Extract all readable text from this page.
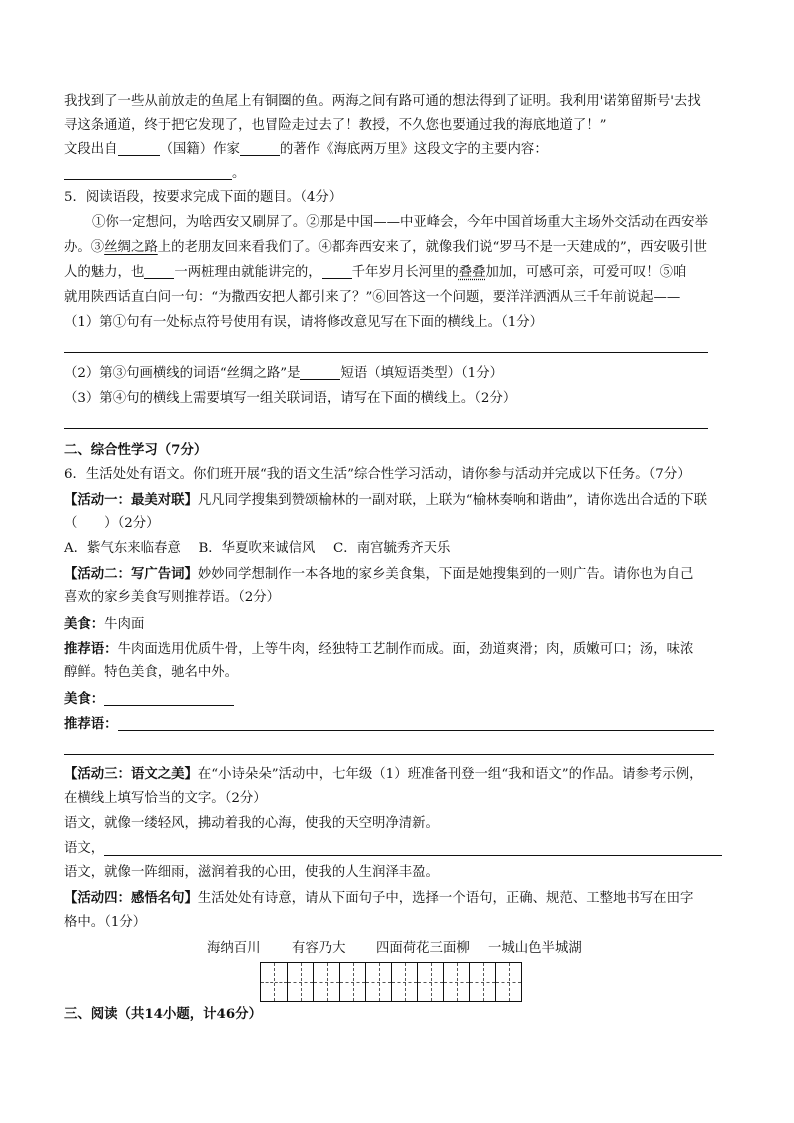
我找到了一些从前放走的鱼尾上有铜圈的鱼。两海之间有路可通的想法得到了证明。我利用'诺第留斯号'去找
寻这条通道，终于把它发现了，也冒险走过去了！教授，不久您也要通过我的海底地道了！”
文段出自	（国籍）作家	的著作《海底两万里》这段文字的主要内容：
。
5．阅读语段，按要求完成下面的题目。（4分）
①你一定想问，为啥西安又刷屏了。②那是中国——中亚峰会，今年中国首场重大主场外交活动在西安举
办。③丝绸之路上的老朋友回来看我们了。④都奔西安来了，就像我们说“罗马不是一天建成的”，西安吸引世
人的魅力，也 一两桩理由就能讲完的， 千年岁月长河里的叠叠加加，可感可亲，可爱可叹！⑤咱
就用陕西话直白问一句：“为撒西安把人都引来了？”⑥回答这一个问题，要洋洋洒洒从三千年前说起——
（1）第①句有一处标点符号使用有误，请将修改意见写在下面的横线上。（1分）
（2）第③句画横线的词语“丝绸之路”是	短语（填短语类型）（1分）
（3）第④句的横线上需要填写一组关联词语，请写在下面的横线上。（2分）
二、综合性学习（7分）
6．生活处处有语文。你们班开展“我的语文生活”综合性学习活动，请你参与活动并完成以下任务。（7分）
【活动一：最美对联】凡凡同学搜集到赞颂榆林的一副对联，上联为“榆林奏响和谐曲”，请你选出合适的下联
（　　）（2分）
A．紫气东来临春意　 B．华夏吹来诚信风　 C．南宫毓秀齐天乐
【活动二：写广告词】妙妙同学想制作一本各地的家乡美食集，下面是她搜集到的一则广告。请你也为自己
喜欢的家乡美食写则推荐语。（2分）
美食：牛肉面
推荐语：牛肉面选用优质牛骨，上等牛肉，经独特工艺制作而成。面，劲道爽滑；肉，质嫩可口；汤，味浓
醇鲜。特色美食，驰名中外。
美食：
推荐语：
【活动三：语文之美】在“小诗朵朵”活动中，七年级（1）班准备刊登一组“我和语文”的作品。请参考示例，
在横线上填写恰当的文字。（2分）
语文，就像一缕轻风，拂动着我的心海，使我的天空明净清新。
语文，
语文，就像一阵细雨，滋润着我的心田，使我的人生润泽丰盈。
【活动四：感悟名句】生活处处有诗意，请从下面句子中，选择一个语句，正确、规范、工整地书写在田字
格中。（1分）
海纳百川 有容乃大 四面荷花三面柳 一城山色半城湖
三、阅读（共14小题，计46分）
